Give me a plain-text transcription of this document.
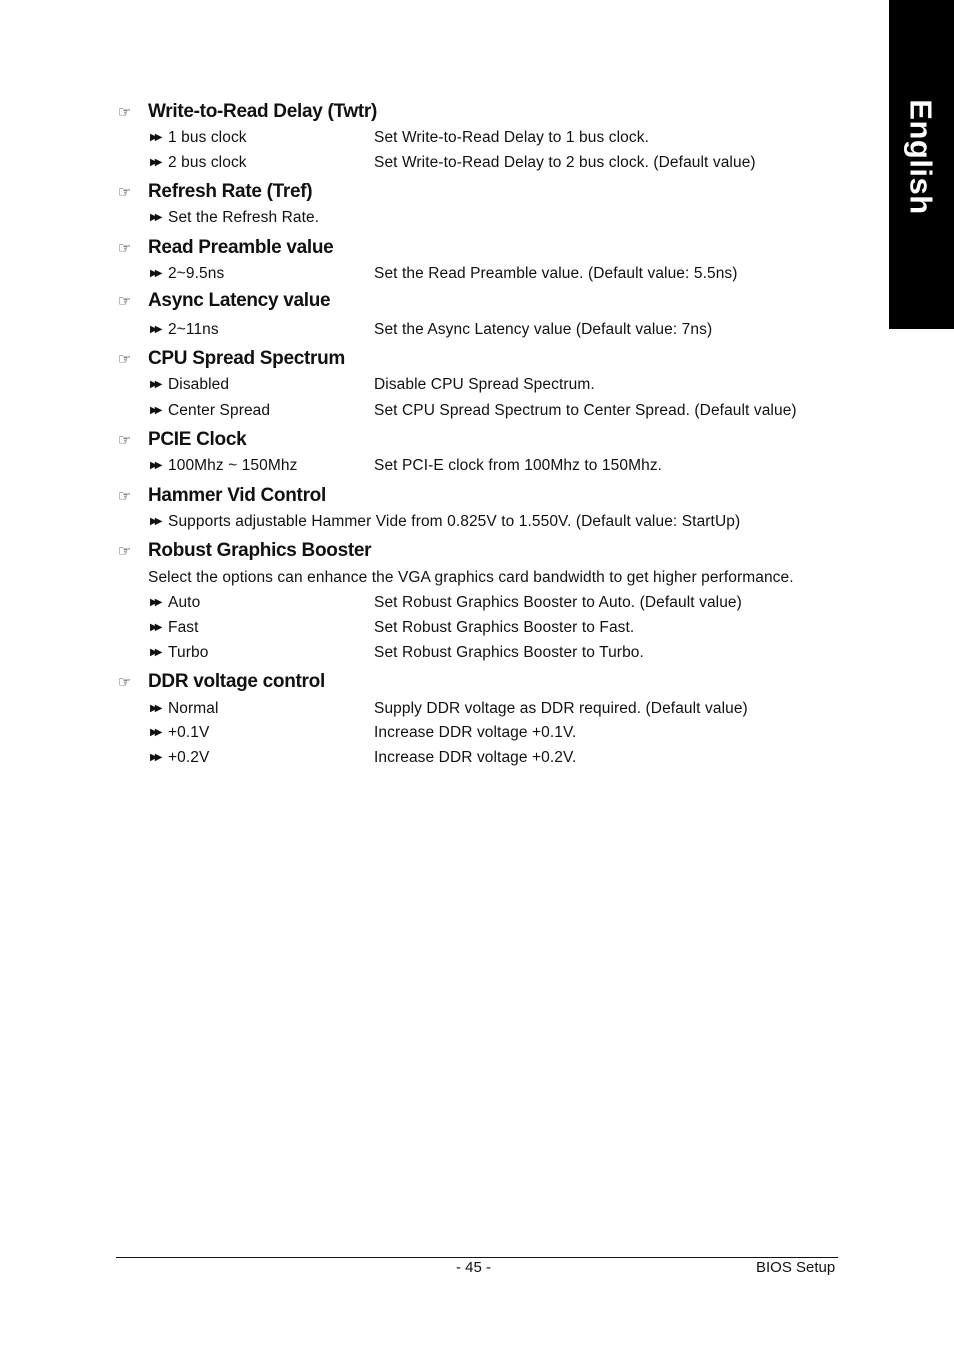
English
☞ Write-to-Read Delay (Twtr)
▶▶ 1 bus clock	Set Write-to-Read Delay to 1 bus clock.
▶▶ 2 bus clock	Set Write-to-Read Delay to 2 bus clock. (Default value)
☞ Refresh Rate (Tref)
▶▶ Set the Refresh Rate.
☞ Read Preamble value
▶▶ 2~9.5ns	Set the Read Preamble value. (Default value: 5.5ns)
☞ Async Latency value
▶▶ 2~11ns	Set the Async Latency value (Default value: 7ns)
☞ CPU Spread Spectrum
▶▶ Disabled	Disable CPU Spread Spectrum.
▶▶ Center Spread	Set CPU Spread Spectrum to Center Spread. (Default value)
☞ PCIE Clock
▶▶ 100Mhz ~ 150Mhz	Set PCI-E clock from 100Mhz to 150Mhz.
☞ Hammer Vid Control
▶▶ Supports adjustable Hammer Vide from 0.825V to 1.550V. (Default value: StartUp)
☞ Robust Graphics Booster
Select the options can enhance the VGA graphics card bandwidth to get higher performance.
▶▶ Auto	Set Robust Graphics Booster to Auto. (Default value)
▶▶ Fast	Set Robust Graphics Booster to Fast.
▶▶ Turbo	Set Robust Graphics Booster to Turbo.
☞ DDR voltage control
▶▶ Normal	Supply DDR voltage as DDR required. (Default value)
▶▶ +0.1V	Increase DDR voltage +0.1V.
▶▶ +0.2V	Increase DDR voltage +0.2V.
- 45 -	BIOS Setup
